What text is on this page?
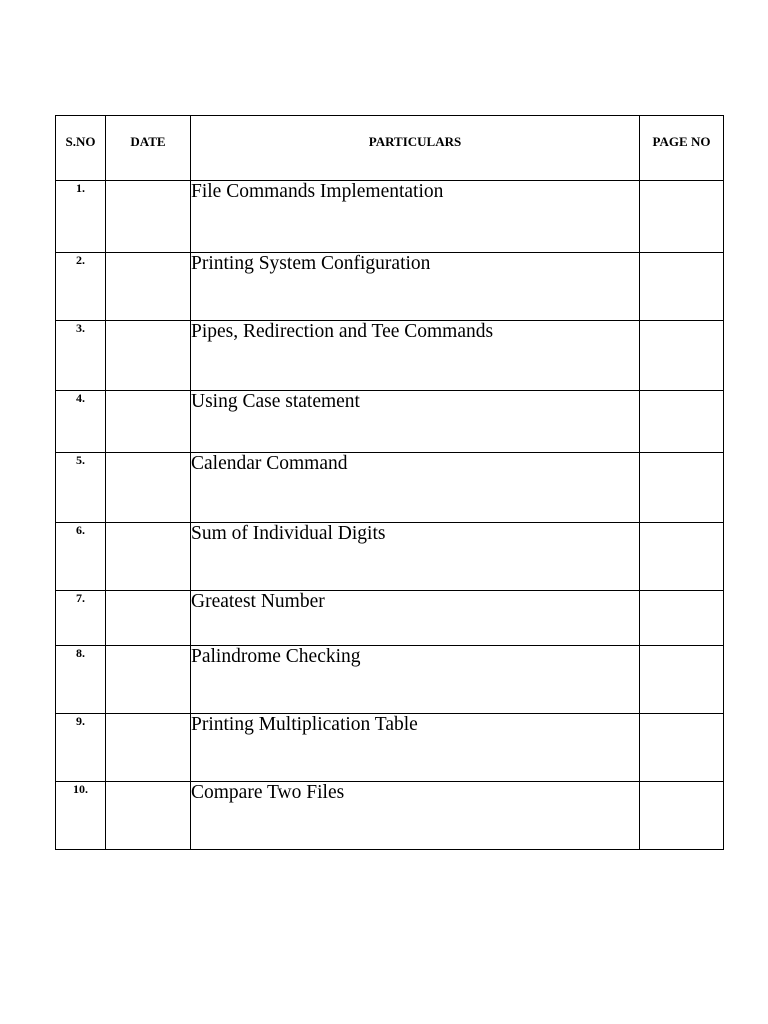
S.NO	DATE	PARTICULARS	PAGE NO
1.		File Commands Implementation	
2.		Printing System Configuration	
3.		Pipes, Redirection and Tee Commands	
4.		Using Case statement	
5.		Calendar Command	
6.		Sum of Individual Digits	
7.		Greatest Number	
8.		Palindrome Checking	
9.		Printing Multiplication Table	
10.		Compare Two Files	
